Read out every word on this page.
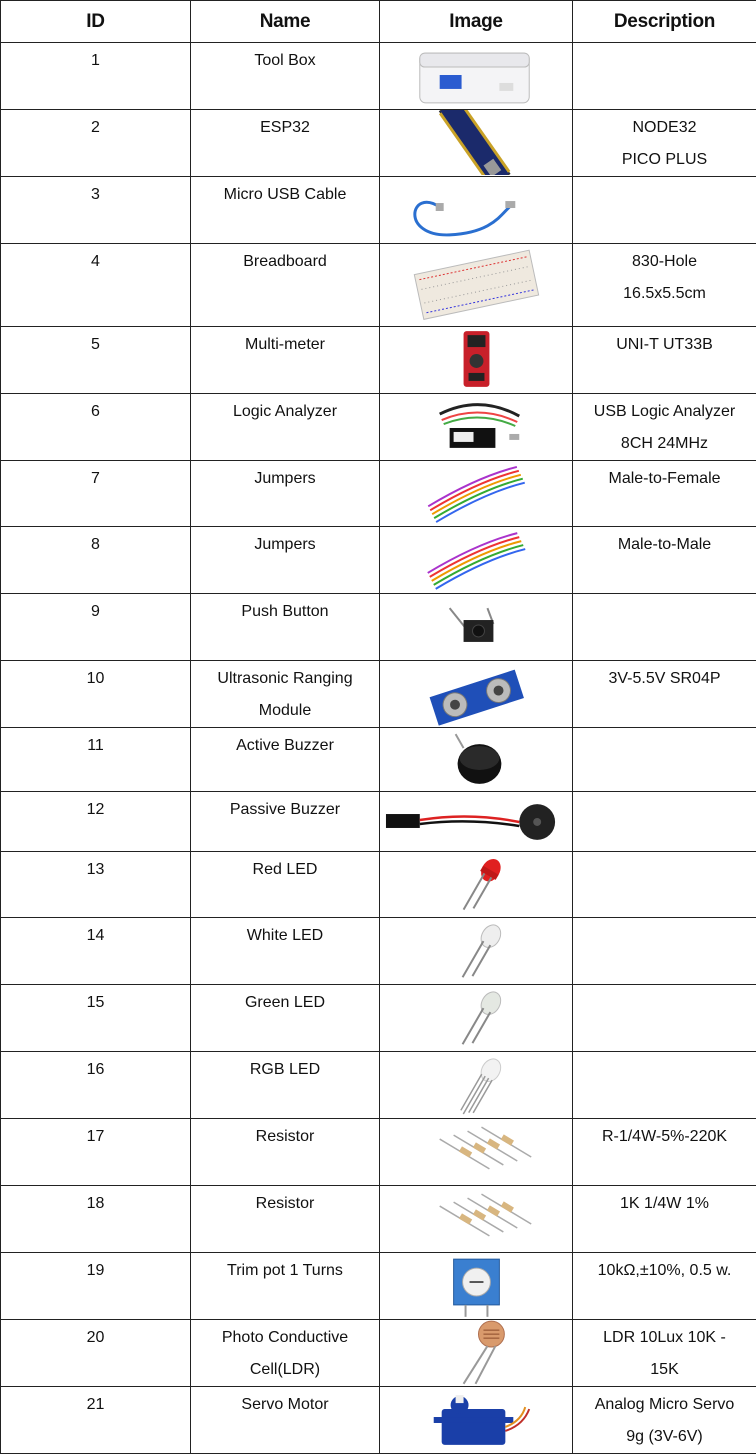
ID	Name	Image	Description
1	Tool Box

2	ESP32		NODE32
PICO PLUS

3	Micro USB Cable

4	Breadboard		830-Hole
16.5x5.5cm

5	Multi-meter		UNI-T UT33B

6	Logic Analyzer		USB Logic Analyzer
8CH 24MHz

7	Jumpers		Male-to-Female

8	Jumpers		Male-to-Male

9	Push Button

10	Ultrasonic Ranging
Module		3V-5.5V SR04P

11	Active Buzzer

12	Passive Buzzer

13	Red LED

14	White LED

15	Green LED

16	RGB LED

17	Resistor		R-1/4W-5%-220K

18	Resistor		1K 1/4W 1%

19	Trim pot 1 Turns		10kΩ,±10%, 0.5 w.

20	Photo Conductive
Cell(LDR)		LDR 10Lux 10K -
15K

21	Servo Motor		Analog Micro Servo
9g (3V-6V)
